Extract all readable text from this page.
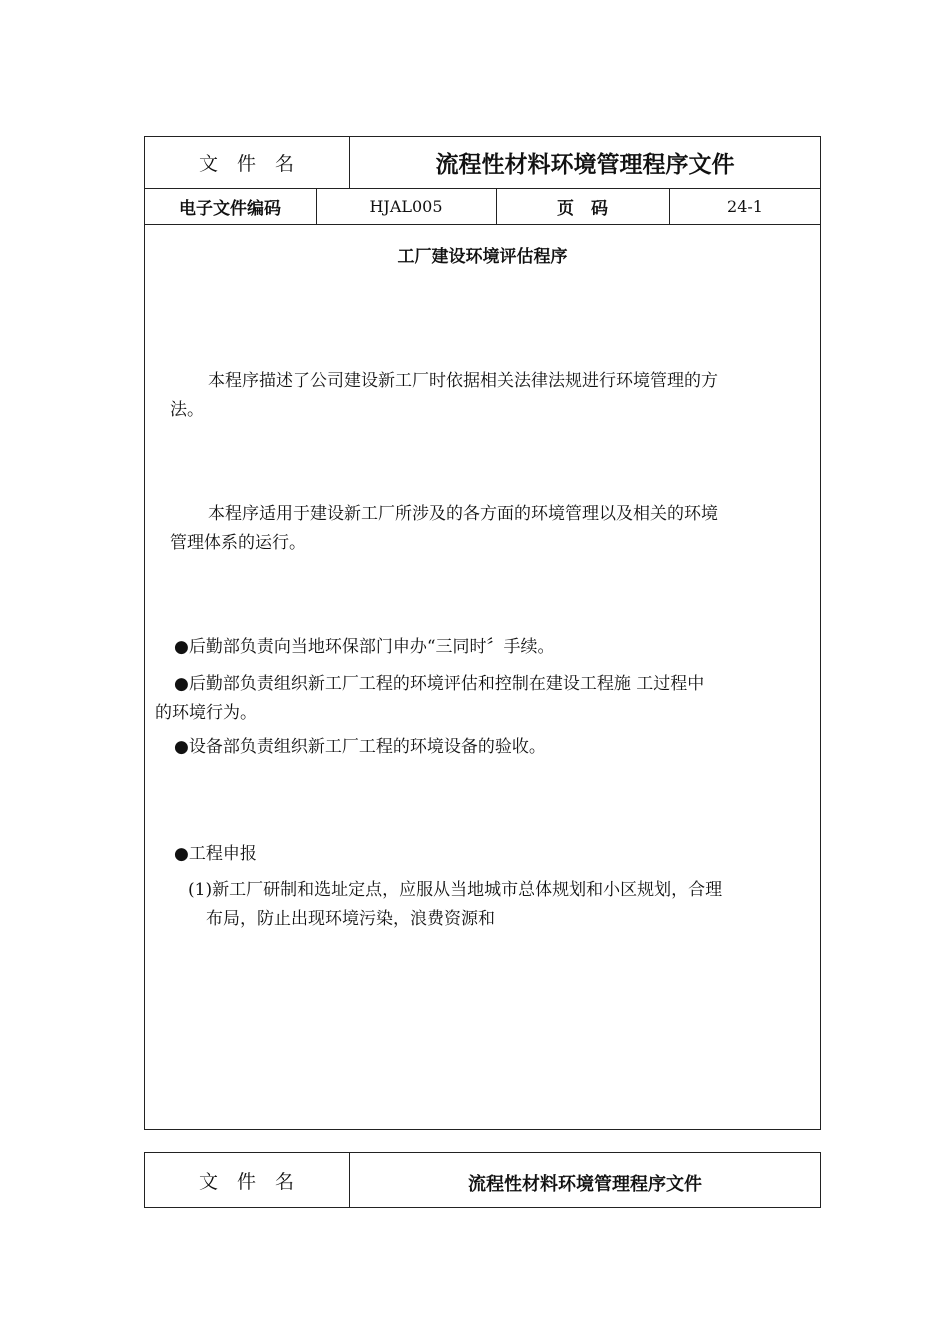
文　件　名	流程性材料环境管理程序文件
电子文件编码	HJAL005	页　码	24-1
工厂建设环境评估程序
本程序描述了公司建设新工厂时依据相关法律法规进行环境管理的方
法。
本程序适用于建设新工厂所涉及的各方面的环境管理以及相关的环境
管理体系的运行。
●后勤部负责向当地环保部门申办“三同时〞手续。
●后勤部负责组织新工厂工程的环境评估和控制在建设工程施 工过程中
的环境行为。
●设备部负责组织新工厂工程的环境设备的验收。
●工程申报
(1)新工厂研制和选址定点，应服从当地城市总体规划和小区规划，合理
布局，防止出现环境污染，浪费资源和
文　件　名	流程性材料环境管理程序文件
